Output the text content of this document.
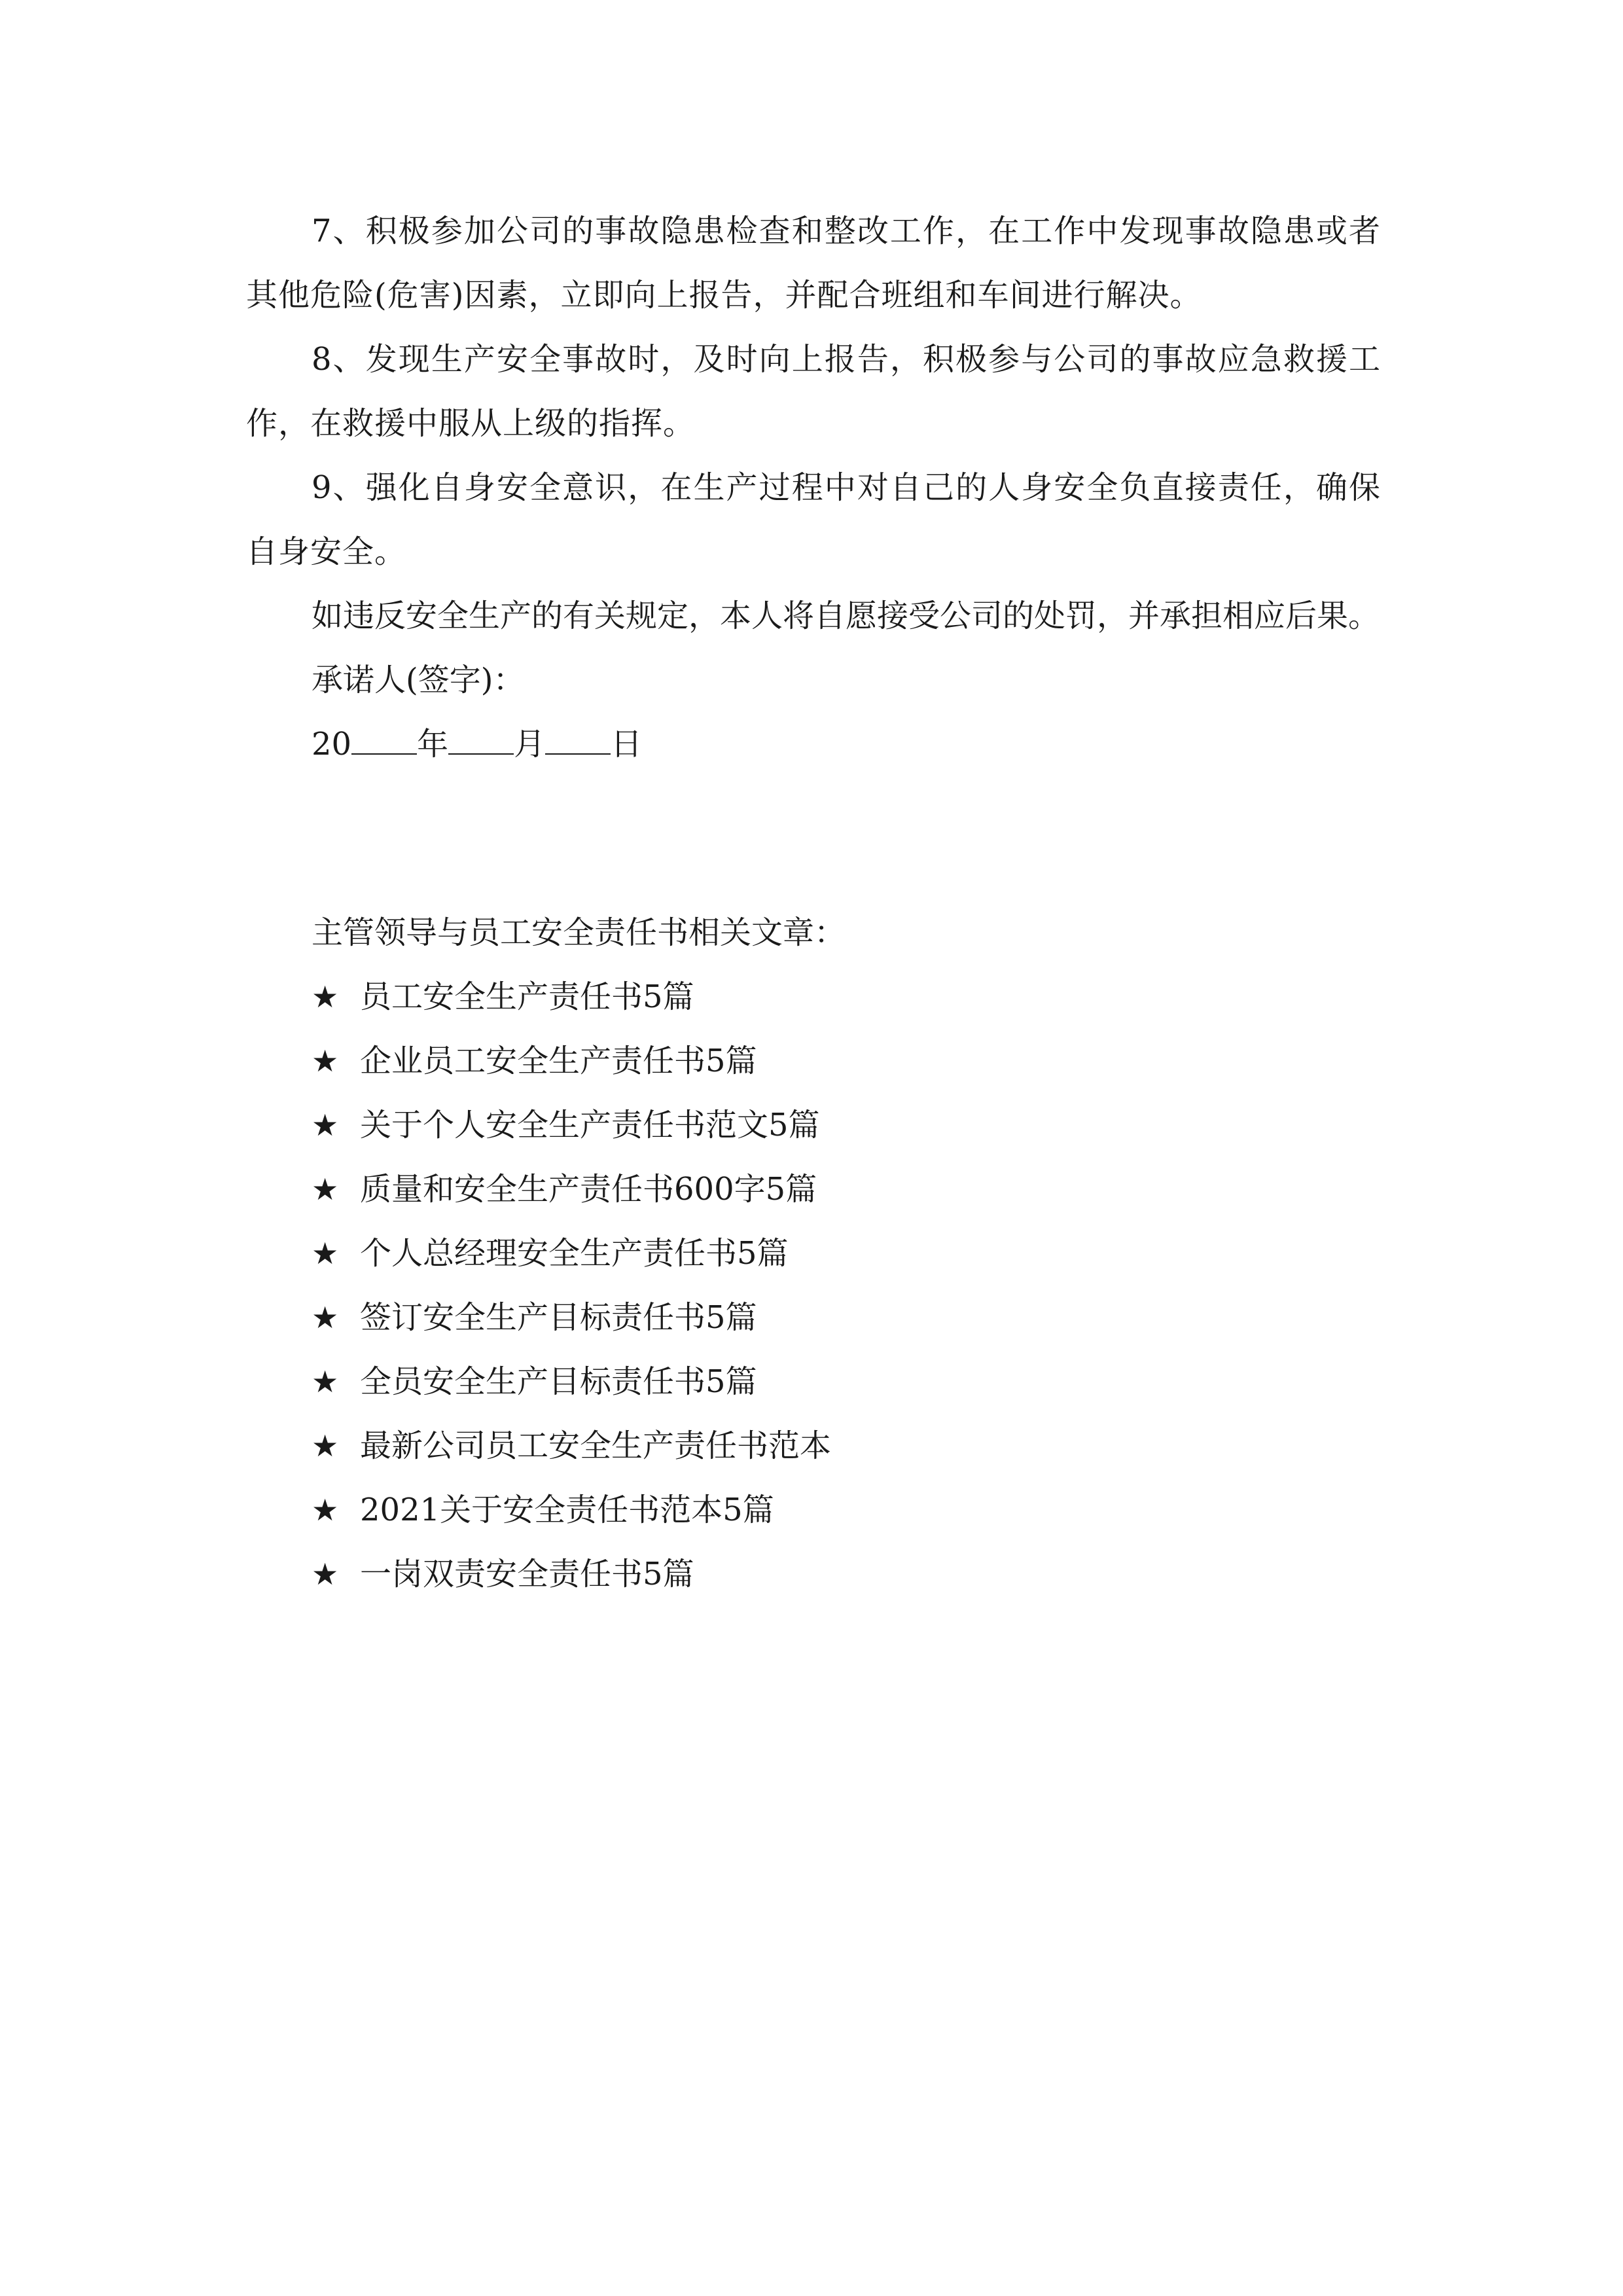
7、积极参加公司的事故隐患检查和整改工作，在工作中发现事故隐患或者其他危险(危害)因素，立即向上报告，并配合班组和车间进行解决。

8、发现生产安全事故时，及时向上报告，积极参与公司的事故应急救援工作，在救援中服从上级的指挥。

9、强化自身安全意识，在生产过程中对自己的人身安全负直接责任，确保自身安全。

如违反安全生产的有关规定，本人将自愿接受公司的处罚，并承担相应后果。

承诺人(签字)：

20 年 月 日

主管领导与员工安全责任书相关文章：

★ 员工安全生产责任书5篇
★ 企业员工安全生产责任书5篇
★ 关于个人安全生产责任书范文5篇
★ 质量和安全生产责任书600字5篇
★ 个人总经理安全生产责任书5篇
★ 签订安全生产目标责任书5篇
★ 全员安全生产目标责任书5篇
★ 最新公司员工安全生产责任书范本
★ 2021关于安全责任书范本5篇
★ 一岗双责安全责任书5篇
